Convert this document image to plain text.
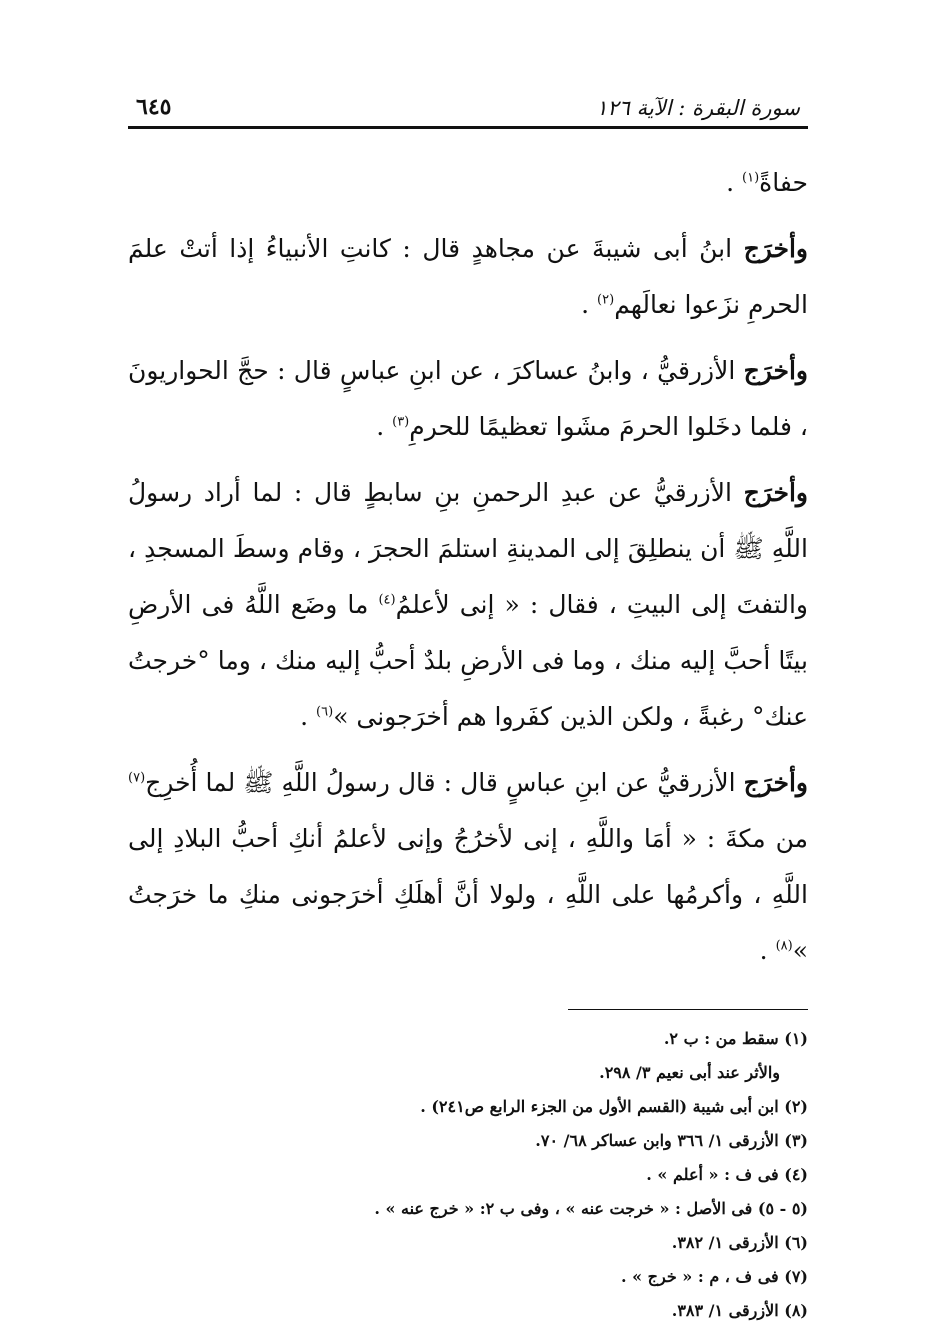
سورة البقرة : الآية ١٢٦
٦٤٥

حفاةً$^{(١)}$ .

وأخرَج ابنُ أبى شيبةَ عن مجاهدٍ قال : كانتِ الأنبياءُ إذا أتتْ علمَ الحرمِ نزَعوا نعالَهم$^{(٢)}$ .

وأخرَج الأزرقيُّ ، وابنُ عساكرَ ، عن ابنِ عباسٍ قال : حجَّ الحواريونَ ، فلما دخَلوا الحرمَ مشَوا تعظيمًا للحرمِ$^{(٣)}$ .

وأخرَج الأزرقيُّ عن عبدِ الرحمنِ بنِ سابطٍ قال : لما أراد رسولُ اللَّهِ ﷺ أن ينطلِقَ إلى المدينةِ استلمَ الحجرَ ، وقام وسطَ المسجدِ ، والتفتَ إلى البيتِ ، فقال : « إنى لأعلمُ$^{(٤)}$ ما وضَع اللَّهُ فى الأرضِ بيتًا أحبَّ إليه منك ، وما فى الأرضِ بلدٌ أحبُّ إليه منك ، وما °خرجتُ عنك° رغبةً ، ولكن الذين كفَروا هم أخرَجونى »$^{(٦)}$ .

وأخرَج الأزرقيُّ عن ابنِ عباسٍ قال : قال رسولُ اللَّهِ ﷺ لما أُخرِج$^{(٧)}$ من مكةَ : « أمَا واللَّهِ ، إنى لأخرُجُ وإنى لأعلمُ أنكِ أحبُّ البلادِ إلى اللَّهِ ، وأكرمُها على اللَّهِ ، ولولا أنَّ أهلَكِ أخرَجونى منكِ ما خرَجتُ »$^{(٨)}$ .

(١) سقط من : ب ٢.

والأثر عند أبى نعيم ٣/ ٢٩٨.

(٢) ابن أبى شيبة (القسم الأول من الجزء الرابع ص٢٤١) .

(٣) الأزرقى ١/ ٣٦٦ وابن عساكر ٦٨/ ٧٠.

(٤) فى ف : « أعلم » .

(٥ - ٥) فى الأصل : « خرجت عنه » ، وفى ب ٢: « خرج عنه » .

(٦) الأزرقى ١/ ٣٨٢.

(٧) فى ف ، م : « خرج » .

(٨) الأزرقى ١/ ٣٨٣.
